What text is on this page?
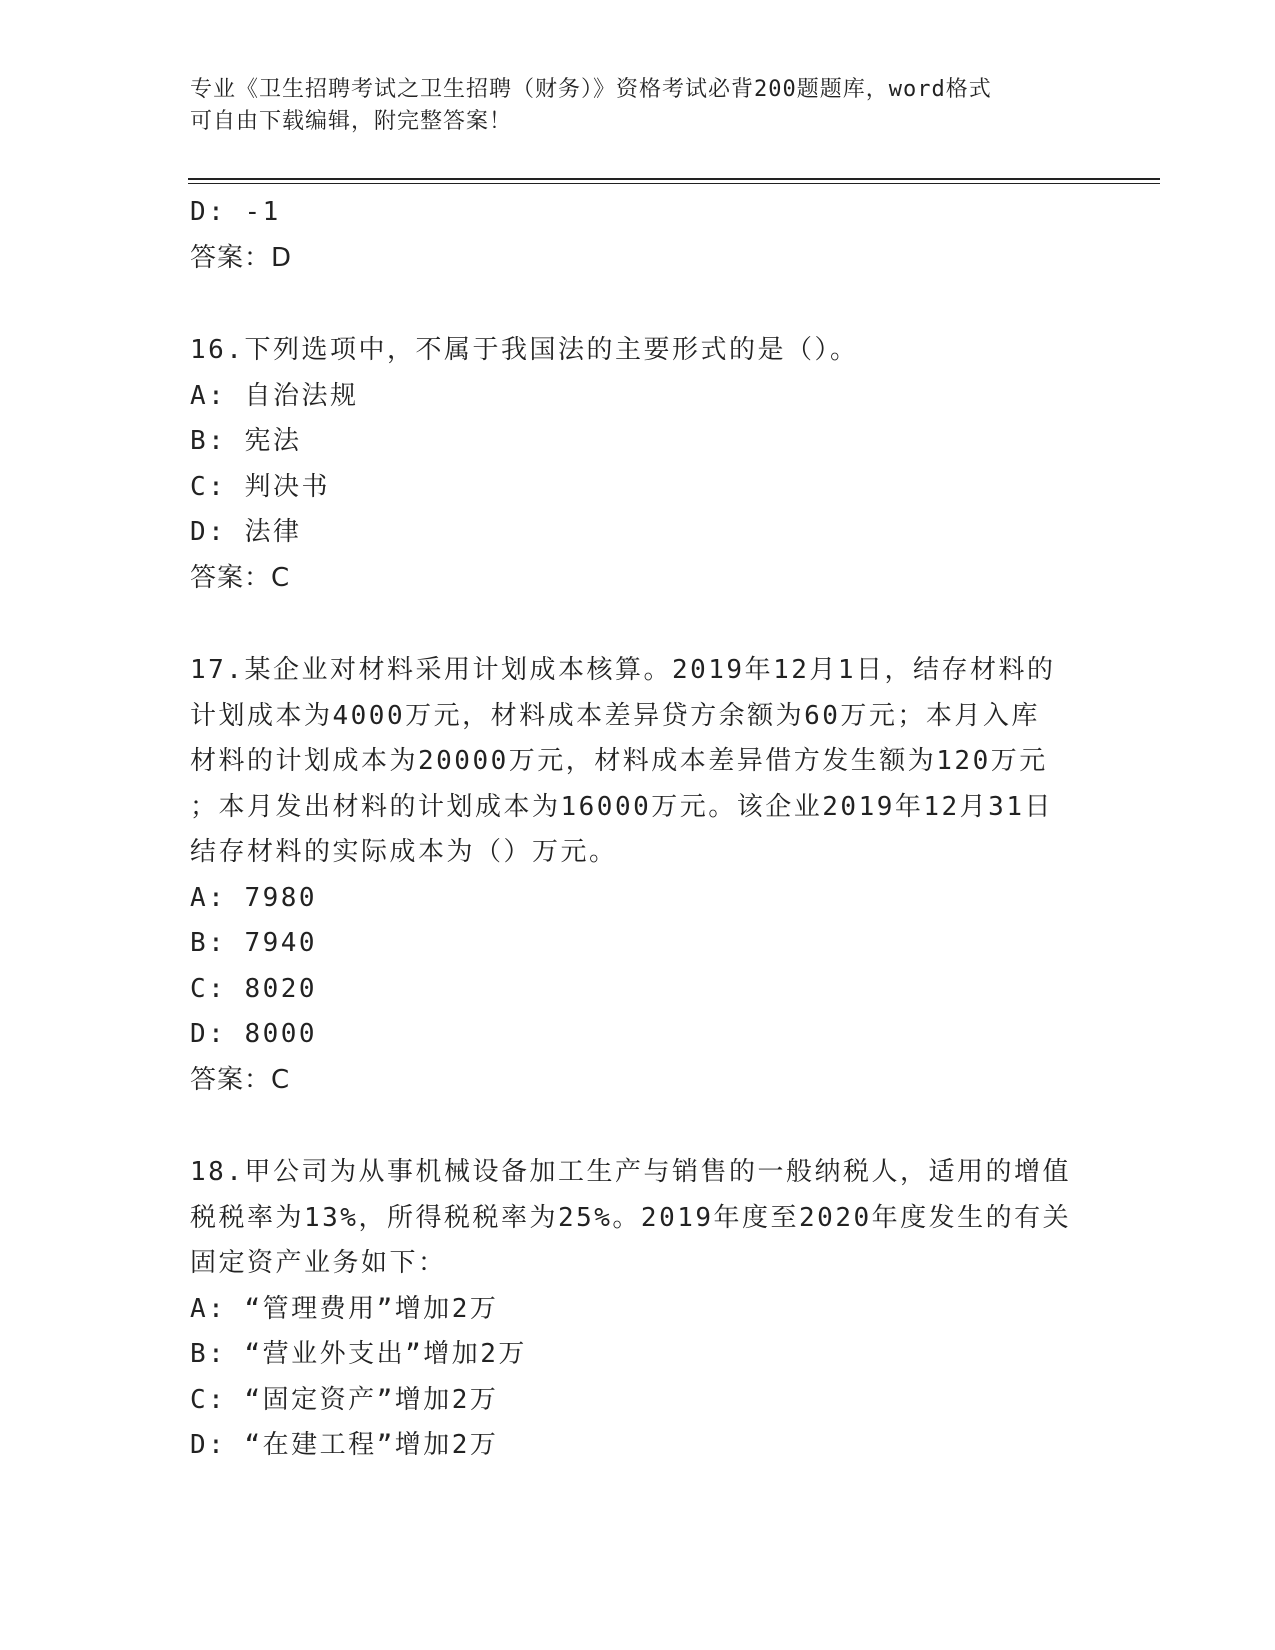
专业《卫生招聘考试之卫生招聘（财务）》资格考试必背200题题库，word格式
可自由下载编辑，附完整答案！
D: -1
答案：D
16.下列选项中，不属于我国法的主要形式的是（）。
A: 自治法规
B: 宪法
C: 判决书
D: 法律
答案：C
17.某企业对材料采用计划成本核算。2019年12月1日，结存材料的
计划成本为4000万元，材料成本差异贷方余额为60万元；本月入库
材料的计划成本为20000万元，材料成本差异借方发生额为120万元
；本月发出材料的计划成本为16000万元。该企业2019年12月31日
结存材料的实际成本为（）万元。
A: 7980
B: 7940
C: 8020
D: 8000
答案：C
18.甲公司为从事机械设备加工生产与销售的一般纳税人，适用的增值
税税率为13%，所得税税率为25%。2019年度至2020年度发生的有关
固定资产业务如下：
A: “管理费用”增加2万
B: “营业外支出”增加2万
C: “固定资产”增加2万
D: “在建工程”增加2万
